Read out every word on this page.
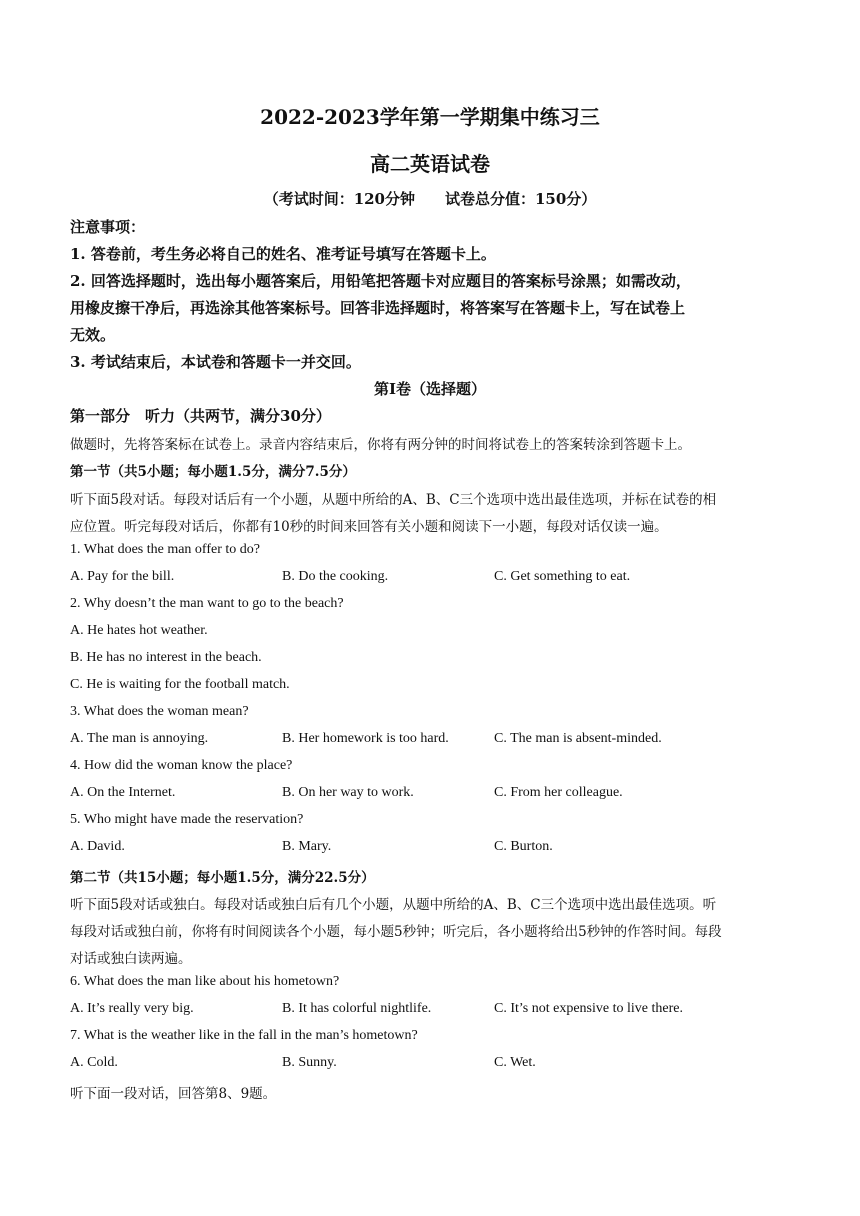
2022-2023学年第一学期集中练习三
高二英语试卷
（考试时间：120分钟　　试卷总分值：150分）
注意事项：
1. 答卷前，考生务必将自己的姓名、准考证号填写在答题卡上。
2. 回答选择题时，选出每小题答案后，用铅笔把答题卡对应题目的答案标号涂黑；如需改动，
用橡皮擦干净后，再选涂其他答案标号。回答非选择题时，将答案写在答题卡上，写在试卷上
无效。
3. 考试结束后，本试卷和答题卡一并交回。
第Ⅰ卷（选择题）
第一部分　听力（共两节，满分30分）
做题时，先将答案标在试卷上。录音内容结束后，你将有两分钟的时间将试卷上的答案转涂到答题卡上。
第一节（共5小题；每小题1.5分，满分7.5分）
听下面5段对话。每段对话后有一个小题，从题中所给的A、B、C三个选项中选出最佳选项，并标在试卷的相
应位置。听完每段对话后，你都有10秒的时间来回答有关小题和阅读下一小题，每段对话仅读一遍。
1. What does the man offer to do?
A. Pay for the bill.	B. Do the cooking.	C. Get something to eat.
2. Why doesn’t the man want to go to the beach?
A. He hates hot weather.
B. He has no interest in the beach.
C. He is waiting for the football match.
3. What does the woman mean?
A. The man is annoying.	B. Her homework is too hard.	C. The man is absent-minded.
4. How did the woman know the place?
A. On the Internet.	B. On her way to work.	C. From her colleague.
5. Who might have made the reservation?
A. David.	B. Mary.	C. Burton.
第二节（共15小题；每小题1.5分，满分22.5分）
听下面5段对话或独白。每段对话或独白后有几个小题，从题中所给的A、B、C三个选项中选出最佳选项。听
每段对话或独白前，你将有时间阅读各个小题，每小题5秒钟；听完后，各小题将给出5秒钟的作答时间。每段
对话或独白读两遍。
6. What does the man like about his hometown?
A. It’s really very big.	B. It has colorful nightlife.	C. It’s not expensive to live there.
7. What is the weather like in the fall in the man’s hometown?
A. Cold.	B. Sunny.	C. Wet.
听下面一段对话，回答第8、9题。
